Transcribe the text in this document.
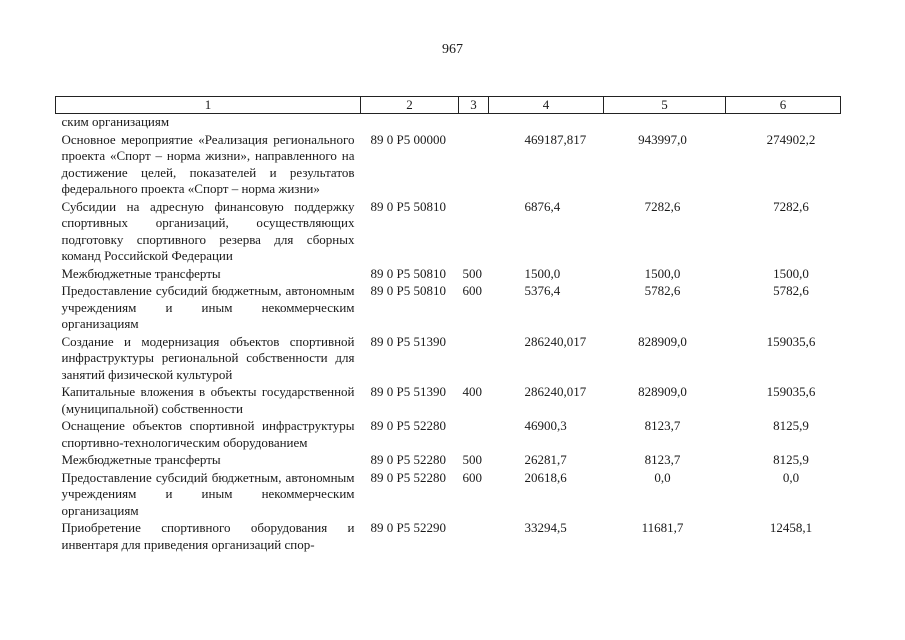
967
1	2	3	4	5	6
ским организациям					
Основное мероприятие «Реализация регионального проекта «Спорт – норма жизни», направленного на достижение целей, показателей и результатов федерального проекта «Спорт – норма жизни»	89 0 P5 00000		469187,817	943997,0	274902,2
Субсидии на адресную финансовую поддержку спортивных организаций, осуществляющих подготовку спортивного резерва для сборных команд Российской Федерации	89 0 P5 50810		6876,4	7282,6	7282,6
Межбюджетные трансферты	89 0 P5 50810	500	1500,0	1500,0	1500,0
Предоставление субсидий бюджетным, автономным учреждениям и иным некоммерческим организациям	89 0 P5 50810	600	5376,4	5782,6	5782,6
Создание и модернизация объектов спортивной инфраструктуры региональной собственности для занятий физической культурой	89 0 P5 51390		286240,017	828909,0	159035,6
Капитальные вложения в объекты государственной (муниципальной) собственности	89 0 P5 51390	400	286240,017	828909,0	159035,6
Оснащение объектов спортивной инфраструктуры спортивно-технологическим оборудованием	89 0 P5 52280		46900,3	8123,7	8125,9
Межбюджетные трансферты	89 0 P5 52280	500	26281,7	8123,7	8125,9
Предоставление субсидий бюджетным, автономным учреждениям и иным некоммерческим организациям	89 0 P5 52280	600	20618,6	0,0	0,0
Приобретение спортивного оборудования и инвентаря для приведения организаций спор-	89 0 P5 52290		33294,5	11681,7	12458,1
